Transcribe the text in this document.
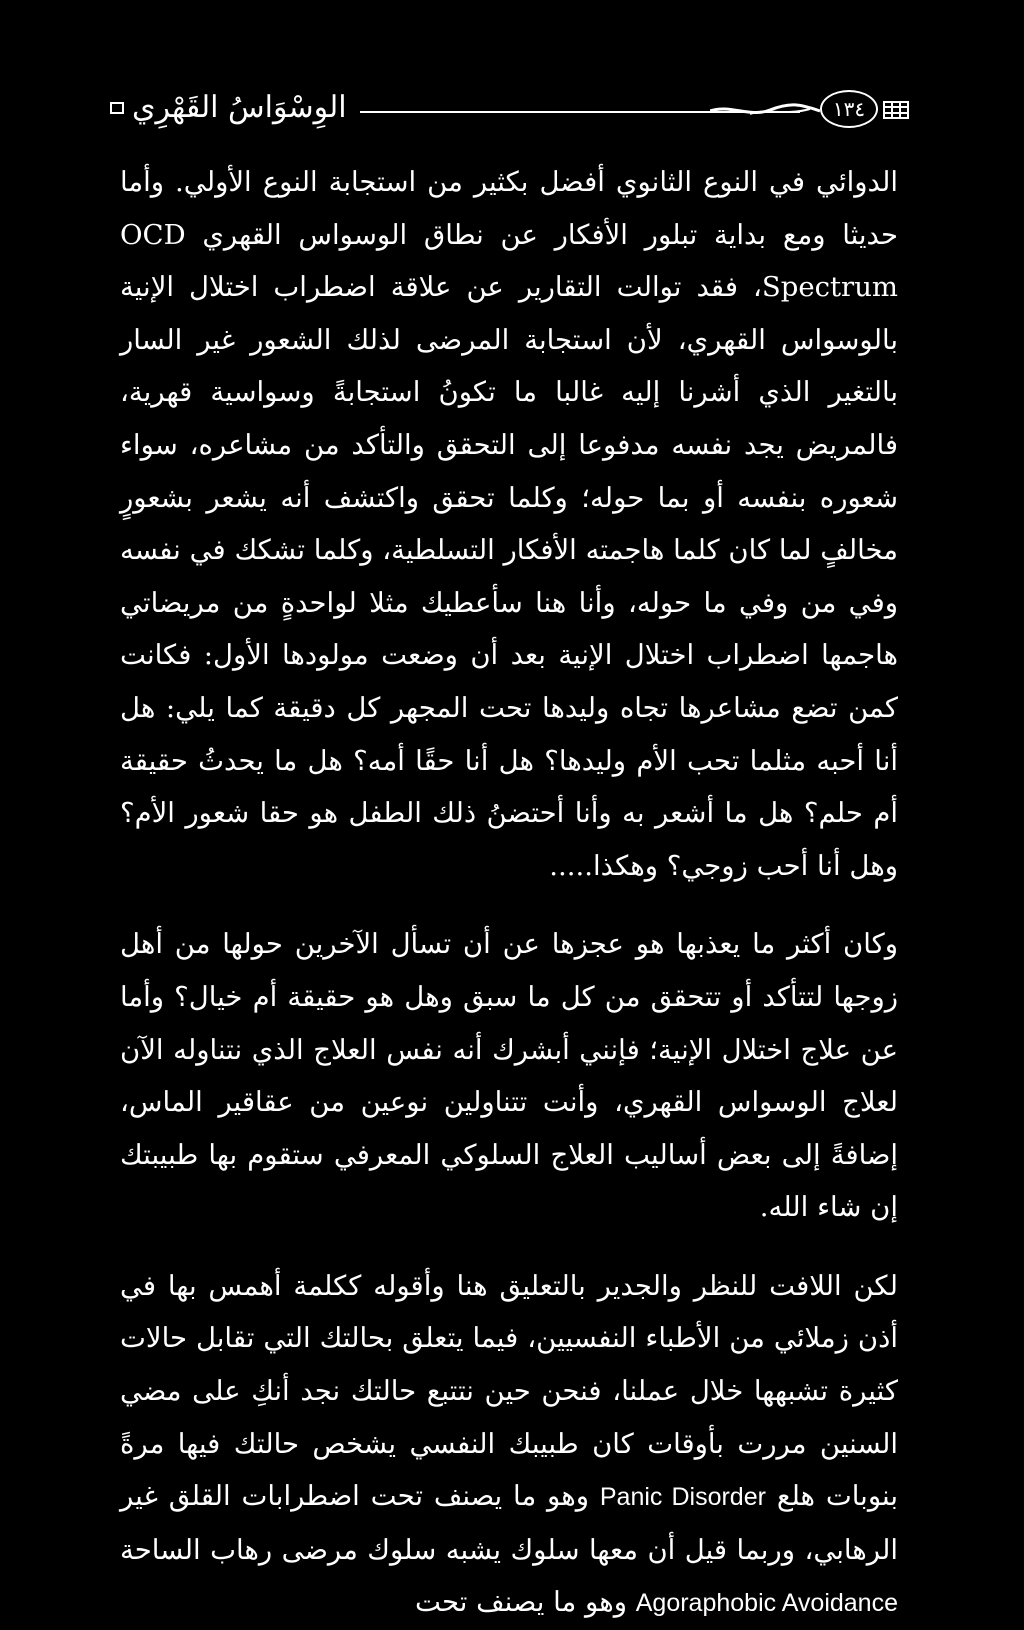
الوِسْوَاسُ القَهْرِي	١٣٤

الدوائي في النوع الثانوي أفضل بكثير من استجابة النوع الأولي. وأما حديثا ومع بداية تبلور الأفكار عن نطاق الوسواس القهري OCD Spectrum، فقد توالت التقارير عن علاقة اضطراب اختلال الإنية بالوسواس القهري، لأن استجابة المرضى لذلك الشعور غير السار بالتغير الذي أشرنا إليه غالبا ما تكونُ استجابةً وسواسية قهرية، فالمريض يجد نفسه مدفوعا إلى التحقق والتأكد من مشاعره، سواء شعوره بنفسه أو بما حوله؛ وكلما تحقق واكتشف أنه يشعر بشعورٍ مخالفٍ لما كان كلما هاجمته الأفكار التسلطية، وكلما تشكك في نفسه وفي من وفي ما حوله، وأنا هنا سأعطيك مثلا لواحدةٍ من مريضاتي هاجمها اضطراب اختلال الإنية بعد أن وضعت مولودها الأول: فكانت كمن تضع مشاعرها تجاه وليدها تحت المجهر كل دقيقة كما يلي: هل أنا أحبه مثلما تحب الأم وليدها؟ هل أنا حقًا أمه؟ هل ما يحدثُ حقيقة أم حلم؟ هل ما أشعر به وأنا أحتضنُ ذلك الطفل هو حقا شعور الأم؟ وهل أنا أحب زوجي؟ وهكذا.....

وكان أكثر ما يعذبها هو عجزها عن أن تسأل الآخرين حولها من أهل زوجها لتتأكد أو تتحقق من كل ما سبق وهل هو حقيقة أم خيال؟ وأما عن علاج اختلال الإنية؛ فإنني أبشرك أنه نفس العلاج الذي نتناوله الآن لعلاج الوسواس القهري، وأنت تتناولين نوعين من عقاقير الماس، إضافةً إلى بعض أساليب العلاج السلوكي المعرفي ستقوم بها طبيبتك إن شاء الله.

لكن اللافت للنظر والجدير بالتعليق هنا وأقوله ككلمة أهمس بها في أذن زملائي من الأطباء النفسيين، فيما يتعلق بحالتك التي تقابل حالات كثيرة تشبهها خلال عملنا، فنحن حين نتتبع حالتك نجد أنكِ على مضي السنين مررت بأوقات كان طبيبك النفسي يشخص حالتك فيها مرةً بنوبات هلع Panic Disorder وهو ما يصنف تحت اضطرابات القلق غير الرهابي، وربما قيل أن معها سلوك يشبه سلوك مرضى رهاب الساحة Agoraphobic Avoidance وهو ما يصنف تحت
